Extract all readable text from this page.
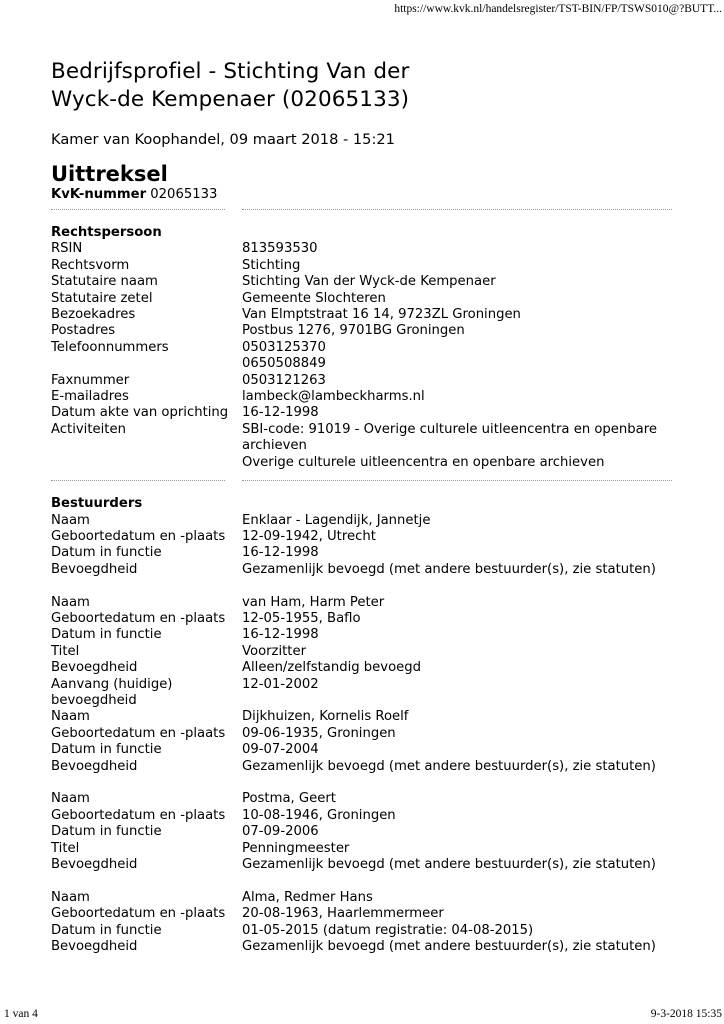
https://www.kvk.nl/handelsregister/TST-BIN/FP/TSWS010@?BUTT...
Bedrijfsprofiel - Stichting Van der
Wyck-de Kempenaer (02065133)
Kamer van Koophandel, 09 maart 2018 - 15:21
Uittreksel
KvK-nummer 02065133
Rechtspersoon
RSIN	813593530
Rechtsvorm	Stichting
Statutaire naam	Stichting Van der Wyck-de Kempenaer
Statutaire zetel	Gemeente Slochteren
Bezoekadres	Van Elmptstraat 16 14, 9723ZL Groningen
Postadres	Postbus 1276, 9701BG Groningen
Telefoonnummers	0503125370
0650508849
Faxnummer	0503121263
E-mailadres	lambeck@lambeckharms.nl
Datum akte van oprichting	16-12-1998
Activiteiten	SBI-code: 91019 - Overige culturele uitleencentra en openbare
archieven
Overige culturele uitleencentra en openbare archieven
Bestuurders
Naam	Enklaar - Lagendijk, Jannetje
Geboortedatum en -plaats	12-09-1942, Utrecht
Datum in functie	16-12-1998
Bevoegdheid	Gezamenlijk bevoegd (met andere bestuurder(s), zie statuten)
Naam	van Ham, Harm Peter
Geboortedatum en -plaats	12-05-1955, Baflo
Datum in functie	16-12-1998
Titel	Voorzitter
Bevoegdheid	Alleen/zelfstandig bevoegd
Aanvang (huidige)	12-01-2002
bevoegdheid
Naam	Dijkhuizen, Kornelis Roelf
Geboortedatum en -plaats	09-06-1935, Groningen
Datum in functie	09-07-2004
Bevoegdheid	Gezamenlijk bevoegd (met andere bestuurder(s), zie statuten)
Naam	Postma, Geert
Geboortedatum en -plaats	10-08-1946, Groningen
Datum in functie	07-09-2006
Titel	Penningmeester
Bevoegdheid	Gezamenlijk bevoegd (met andere bestuurder(s), zie statuten)
Naam	Alma, Redmer Hans
Geboortedatum en -plaats	20-08-1963, Haarlemmermeer
Datum in functie	01-05-2015 (datum registratie: 04-08-2015)
Bevoegdheid	Gezamenlijk bevoegd (met andere bestuurder(s), zie statuten)
1 van 4	9-3-2018 15:35
